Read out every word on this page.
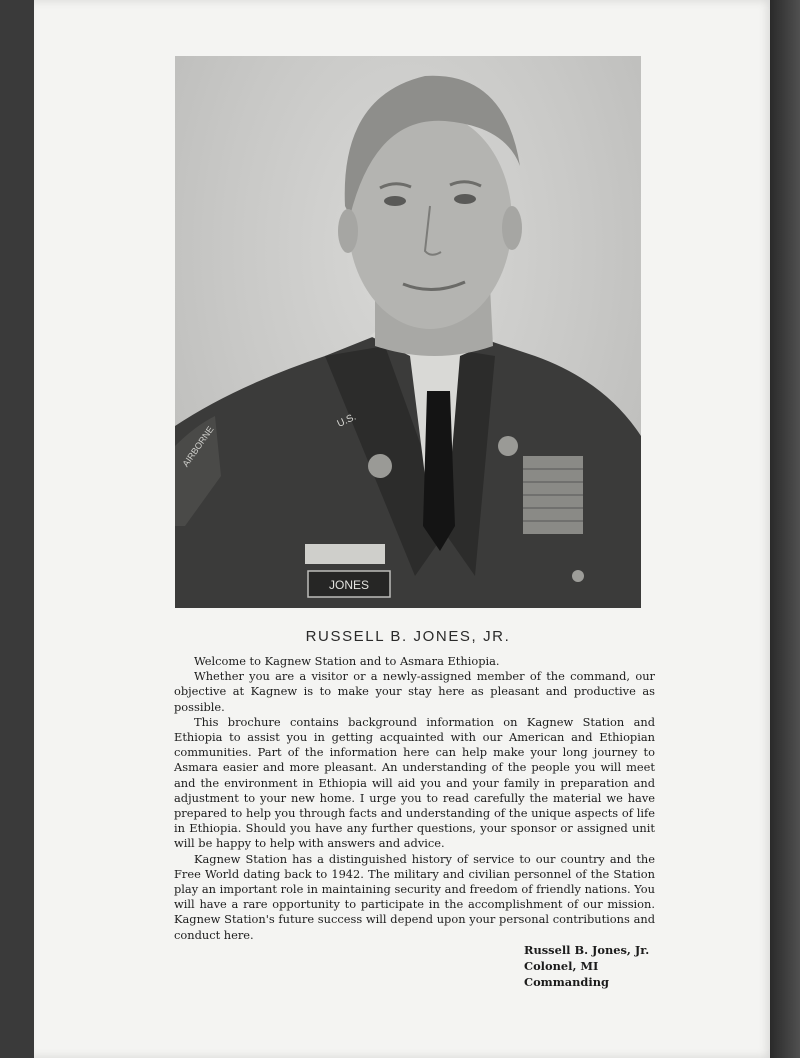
AIRBORNE
U.S.
JONES
RUSSELL B. JONES, JR.

Welcome to Kagnew Station and to Asmara Ethiopia.

Whether you are a visitor or a newly-assigned member of the command, our objective at Kagnew is to make your stay here as pleasant and productive as possible.

This brochure contains background information on Kagnew Station and Ethiopia to assist you in getting acquainted with our American and Ethiopian communities. Part of the information here can help make your long journey to Asmara easier and more pleasant. An understanding of the people you will meet and the environment in Ethiopia will aid you and your family in preparation and adjustment to your new home. I urge you to read carefully the material we have prepared to help you through facts and understanding of the unique aspects of life in Ethiopia. Should you have any further questions, your sponsor or assigned unit will be happy to help with answers and advice.

Kagnew Station has a distinguished history of service to our country and the Free World dating back to 1942. The military and civilian personnel of the Station play an important role in maintaining security and freedom of friendly nations. You will have a rare opportunity to participate in the accomplishment of our mission. Kagnew Station's future success will depend upon your personal contributions and conduct here.

Russell B. Jones, Jr.
Colonel, MI
Commanding
